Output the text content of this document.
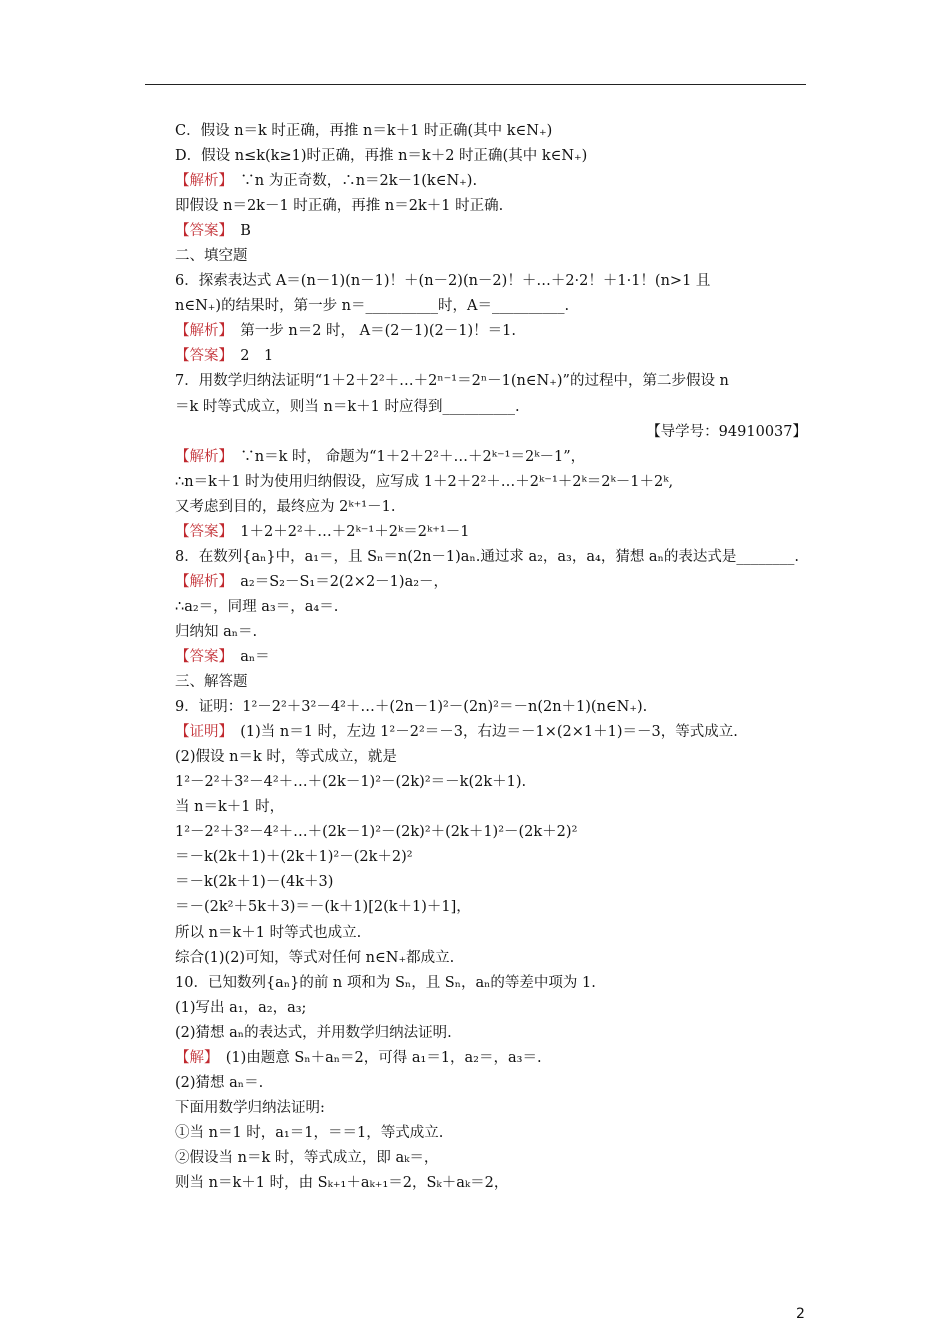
C．假设 n＝k 时正确，再推 n＝k＋1 时正确(其中 k∈N₊)
D．假设 n≤k(k≥1)时正确，再推 n＝k＋2 时正确(其中 k∈N₊)
【解析】　∵n 为正奇数，∴n＝2k－1(k∈N₊).
即假设 n＝2k－1 时正确，再推 n＝2k＋1 时正确.
【答案】　B
二、填空题
6．探索表达式 A＝(n－1)(n－1)！＋(n－2)(n－2)！＋…＋2·2！＋1·1！(n>1 且
n∈N₊)的结果时，第一步 n＝__________时，A＝__________.
【解析】　第一步 n＝2 时， A＝(2－1)(2－1)！＝1.
【答案】　2　1
7．用数学归纳法证明“1＋2＋2²＋…＋2ⁿ⁻¹＝2ⁿ－1(n∈N₊)”的过程中，第二步假设 n
＝k 时等式成立，则当 n＝k＋1 时应得到__________.
【导学号：94910037】
【解析】　∵n＝k 时， 命题为“1＋2＋2²＋…＋2ᵏ⁻¹＝2ᵏ－1”，
∴n＝k＋1 时为使用归纳假设，应写成 1＋2＋2²＋…＋2ᵏ⁻¹＋2ᵏ＝2ᵏ－1＋2ᵏ,
又考虑到目的，最终应为 2ᵏ⁺¹－1.
【答案】　1＋2＋2²＋…＋2ᵏ⁻¹＋2ᵏ＝2ᵏ⁺¹－1
8．在数列{aₙ}中，a₁＝，且 Sₙ＝n(2n－1)aₙ.通过求 a₂，a₃，a₄，猜想 aₙ的表达式是________.
【解析】　a₂＝S₂－S₁＝2(2×2－1)a₂－，
∴a₂＝，同理 a₃＝，a₄＝.
归纳知 aₙ＝.
【答案】　aₙ＝
三、解答题
9．证明：1²－2²＋3²－4²＋…＋(2n－1)²－(2n)²＝－n(2n＋1)(n∈N₊).
【证明】　(1)当 n＝1 时，左边 1²－2²＝－3，右边＝－1×(2×1＋1)＝－3，等式成立.
(2)假设 n＝k 时，等式成立，就是
1²－2²＋3²－4²＋…＋(2k－1)²－(2k)²＝－k(2k＋1).
当 n＝k＋1 时，
1²－2²＋3²－4²＋…＋(2k－1)²－(2k)²＋(2k＋1)²－(2k＋2)²
＝－k(2k＋1)＋(2k＋1)²－(2k＋2)²
＝－k(2k＋1)－(4k＋3)
＝－(2k²＋5k＋3)＝－(k＋1)[2(k＋1)＋1]，
所以 n＝k＋1 时等式也成立.
综合(1)(2)可知，等式对任何 n∈N₊都成立.
10．已知数列{aₙ}的前 n 项和为 Sₙ，且 Sₙ，aₙ的等差中项为 1.
(1)写出 a₁，a₂，a₃;
(2)猜想 aₙ的表达式，并用数学归纳法证明.
【解】　(1)由题意 Sₙ＋aₙ＝2，可得 a₁＝1，a₂＝，a₃＝.
(2)猜想 aₙ＝.
下面用数学归纳法证明:
①当 n＝1 时，a₁＝1，＝＝1，等式成立.
②假设当 n＝k 时，等式成立，即 aₖ＝，
则当 n＝k＋1 时，由 Sₖ₊₁＋aₖ₊₁＝2，Sₖ＋aₖ＝2，
2
